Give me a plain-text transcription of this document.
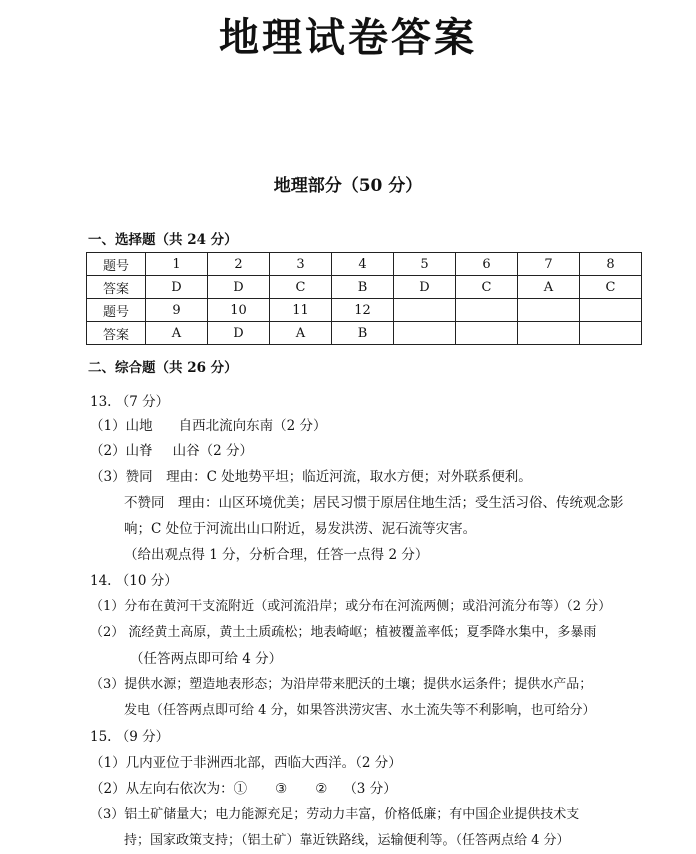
地理试卷答案
地理部分（50 分）
一、选择题（共 24 分）
题号	1	2	3	4	5	6	7	8
答案	D	D	C	B	D	C	A	C
题号	9	10	11	12				
答案	A	D	A	B				
二、综合题（共 26 分）
13. （7 分）
（1）山地 自西北流向东南（2 分）
（2）山脊 山谷（2 分）
（3）赞同　理由：C 处地势平坦；临近河流，取水方便；对外联系便利。
不赞同　理由：山区环境优美；居民习惯于原居住地生活；受生活习俗、传统观念影
响；C 处位于河流出山口附近，易发洪涝、泥石流等灾害。
（给出观点得 1 分，分析合理，任答一点得 2 分）
14. （10 分）
（1）分布在黄河干支流附近（或河流沿岸；或分布在河流两侧；或沿河流分布等）（2 分）
（2） 流经黄土高原，黄土土质疏松；地表崎岖；植被覆盖率低；夏季降水集中，多暴雨
（任答两点即可给 4 分）
（3）提供水源；塑造地表形态；为沿岸带来肥沃的土壤；提供水运条件；提供水产品；
发电（任答两点即可给 4 分，如果答洪涝灾害、水土流失等不利影响，也可给分）
15. （9 分）
（1）几内亚位于非洲西北部，西临大西洋。（2 分）
（2）从左向右依次为：① ③ ② （3 分）
（3）铝土矿储量大；电力能源充足；劳动力丰富，价格低廉；有中国企业提供技术支
持；国家政策支持；（铝土矿）靠近铁路线，运输便利等。（任答两点给 4 分）
